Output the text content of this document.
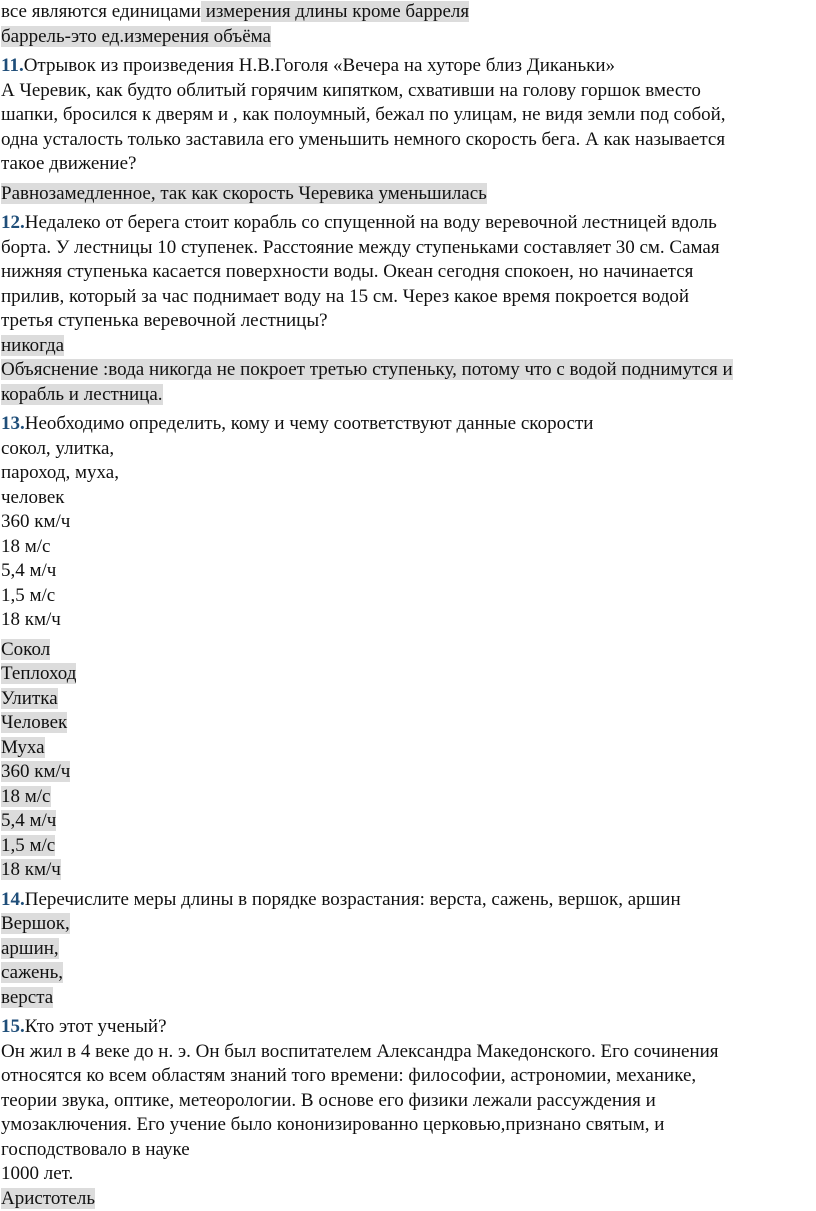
все являются единицами измерения длины кроме барреля
баррель-это ед.измерения объёма
11.Отрывок из произведения Н.В.Гоголя «Вечера на хуторе близ Диканьки»
А Черевик, как будто облитый горячим кипятком, схвативши на голову горшок вместо
шапки, бросился к дверям и , как полоумный, бежал по улицам, не видя земли под собой,
одна усталость только заставила его уменьшить немного скорость бега. А как называется
такое движение?
Равнозамедленное, так как скорость Черевика уменьшилась
12.Недалеко от берега стоит корабль со спущенной на воду веревочной лестницей вдоль
борта. У лестницы 10 ступенек. Расстояние между ступеньками составляет 30 см. Самая
нижняя ступенька касается поверхности воды. Океан сегодня спокоен, но начинается
прилив, который за час поднимает воду на 15 см. Через какое время покроется водой
третья ступенька веревочной лестницы?
никогда
Объяснение :вода никогда не покроет третью ступеньку, потому что с водой поднимутся и
корабль и лестница.
13.Необходимо определить, кому и чему соответствуют данные скорости
сокол, улитка,
пароход, муха,
человек
360 км/ч
18 м/с
5,4 м/ч
1,5 м/с
18 км/ч
Сокол
Теплоход
Улитка
Человек
Муха
360 км/ч
18 м/с
5,4 м/ч
1,5 м/с
18 км/ч
14.Перечислите меры длины в порядке возрастания: верста, сажень, вершок, аршин
Вершок,
аршин,
сажень,
верста
15.Кто этот ученый?
Он жил в 4 веке до н. э. Он был воспитателем Александра Македонского. Его сочинения
относятся ко всем областям знаний того времени: философии, астрономии, механике,
теории звука, оптике, метеорологии. В основе его физики лежали рассуждения и
умозаключения. Его учение было кононизированно церковью,признано святым, и
господствовало в науке
1000 лет.
Аристотель
